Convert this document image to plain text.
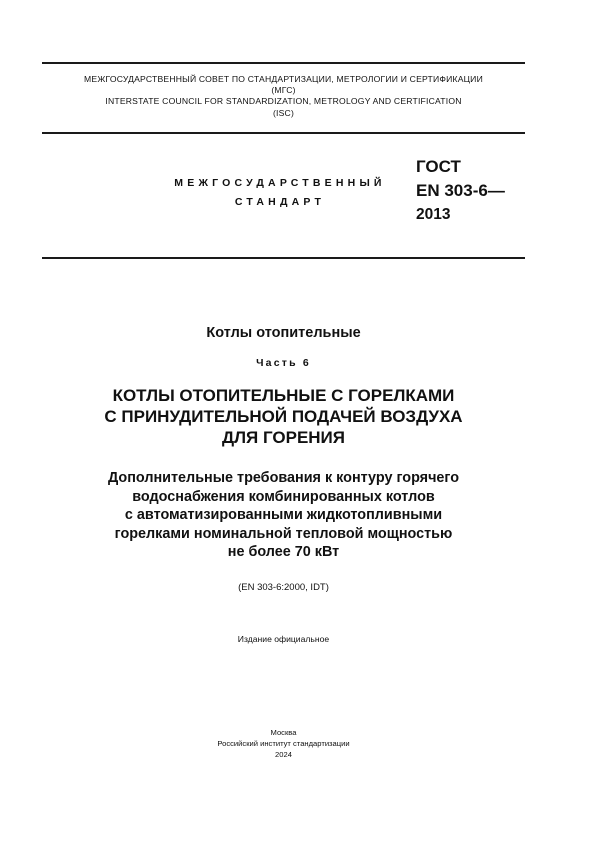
МЕЖГОСУДАРСТВЕННЫЙ СОВЕТ ПО СТАНДАРТИЗАЦИИ, МЕТРОЛОГИИ И СЕРТИФИКАЦИИ
(МГС)
INTERSTATE COUNCIL FOR STANDARDIZATION, METROLOGY AND CERTIFICATION
(ISC)
МЕЖГОСУДАРСТВЕННЫЙ
СТАНДАРТ
ГОСТ
EN 303-6—
2013
Котлы отопительные
Часть 6
КОТЛЫ ОТОПИТЕЛЬНЫЕ С ГОРЕЛКАМИ
С ПРИНУДИТЕЛЬНОЙ ПОДАЧЕЙ ВОЗДУХА
ДЛЯ ГОРЕНИЯ
Дополнительные требования к контуру горячего
водоснабжения комбинированных котлов
с автоматизированными жидкотопливными
горелками номинальной тепловой мощностью
не более 70 кВт
(EN 303-6:2000, IDT)
Издание официальное
Москва
Российский институт стандартизации
2024
